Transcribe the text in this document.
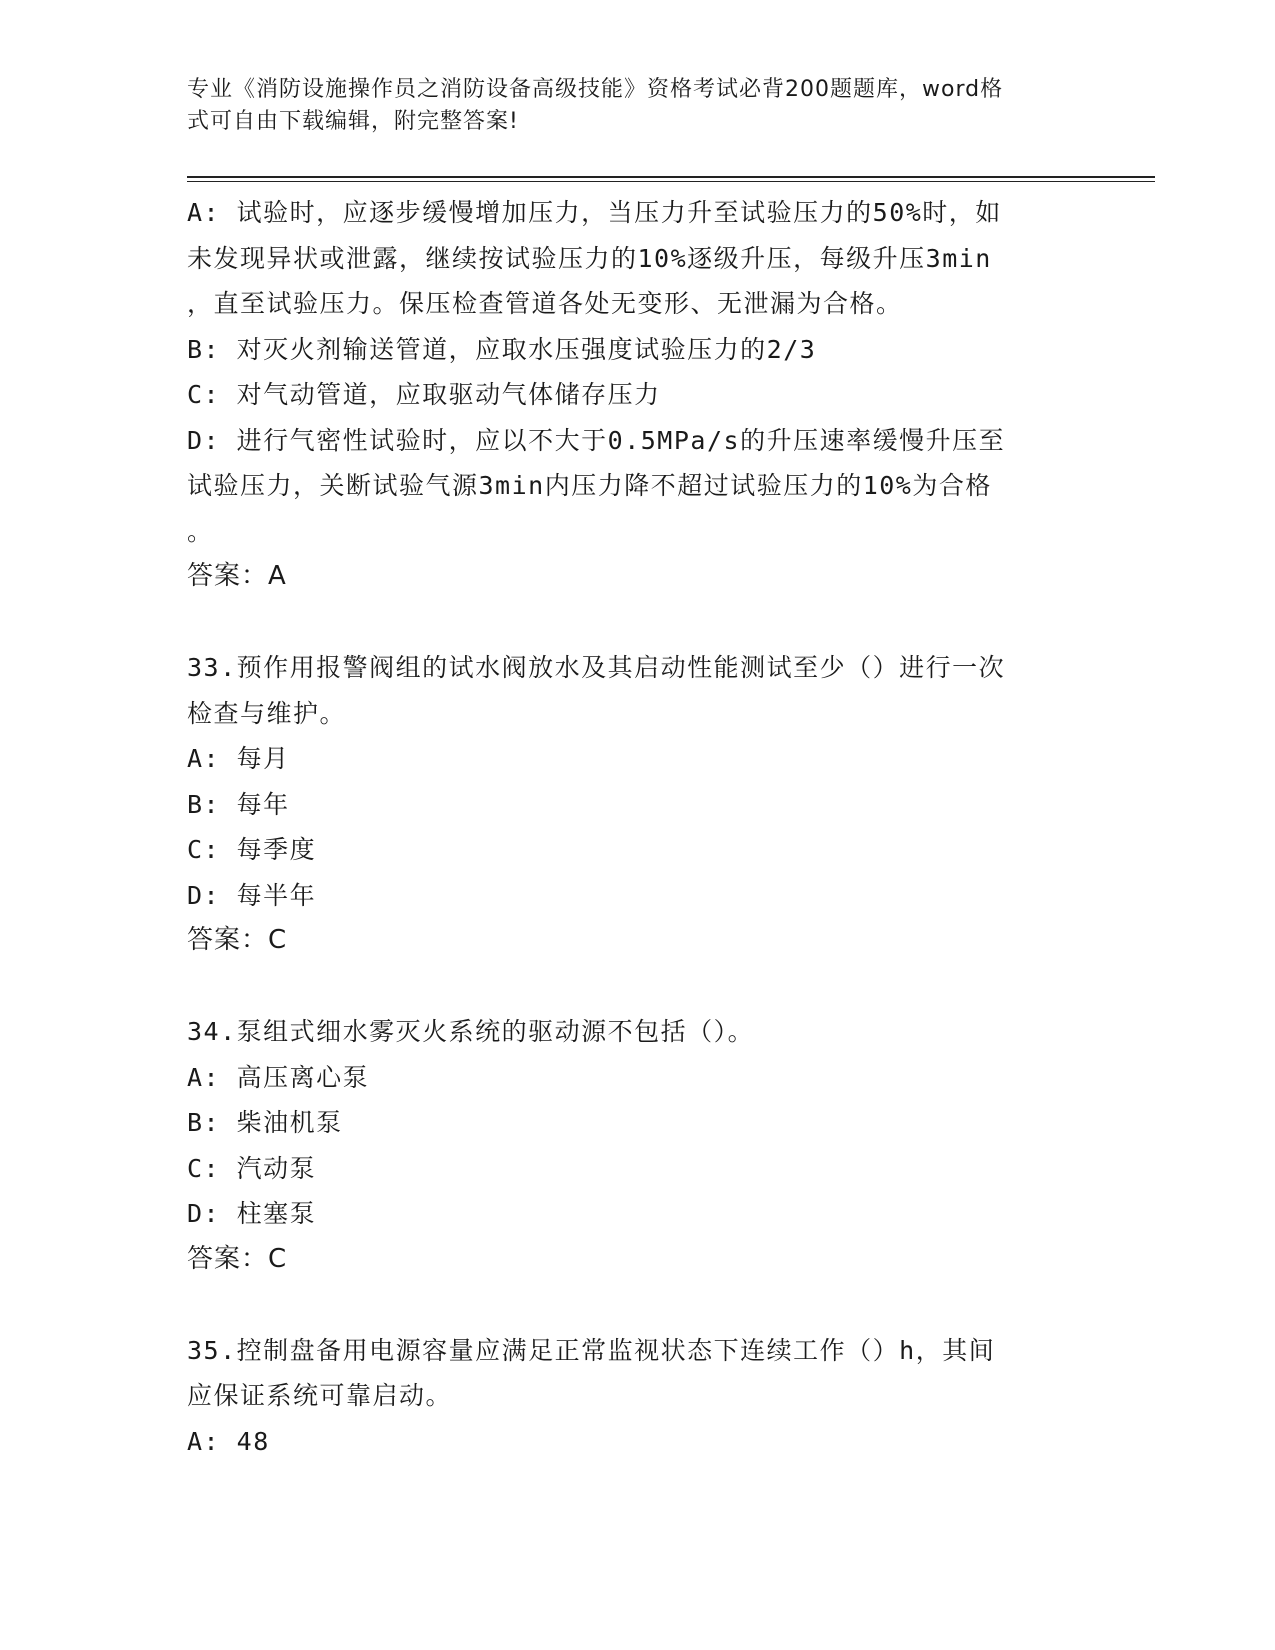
专业《消防设施操作员之消防设备高级技能》资格考试必背200题题库，word格
式可自由下载编辑，附完整答案!
A: 试验时，应逐步缓慢增加压力，当压力升至试验压力的50%时，如
未发现异状或泄露，继续按试验压力的10%逐级升压，每级升压3min
，直至试验压力。保压检查管道各处无变形、无泄漏为合格。
B: 对灭火剂输送管道，应取水压强度试验压力的2/3
C: 对气动管道，应取驱动气体储存压力
D: 进行气密性试验时，应以不大于0.5MPa/s的升压速率缓慢升压至
试验压力，关断试验气源3min内压力降不超过试验压力的10%为合格
。
答案：A
33.预作用报警阀组的试水阀放水及其启动性能测试至少（）进行一次
检查与维护。
A: 每月
B: 每年
C: 每季度
D: 每半年
答案：C
34.泵组式细水雾灭火系统的驱动源不包括（）。
A: 高压离心泵
B: 柴油机泵
C: 汽动泵
D: 柱塞泵
答案：C
35.控制盘备用电源容量应满足正常监视状态下连续工作（）h，其间
应保证系统可靠启动。
A: 48
